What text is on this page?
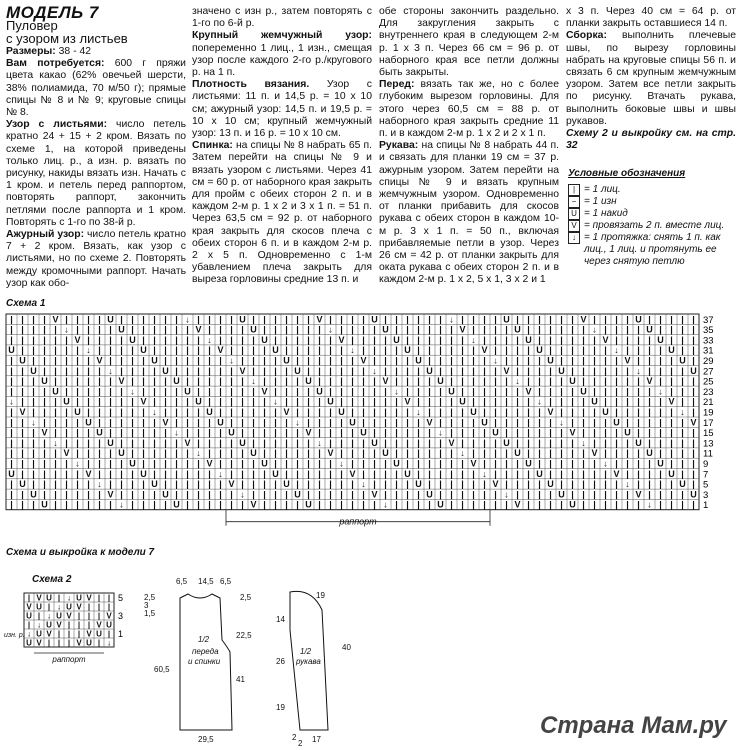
МОДЕЛЬ 7
Пуловер
с узором из листьев

Размеры: 38 - 42

Вам потребуется: 600 г пряжи цвета какао (62% овечьей шерсти, 38% полиамида, 70 м/50 г); прямые спицы № 8 и № 9; круговые спицы № 8.

Узор с листьями: число петель кратно 24 + 15 + 2 кром. Вязать по схеме 1, на которой приведены только лиц. р., а изн. р. вязать по рисунку, накиды вязать изн. Начать с 1 кром. и петель перед раппортом, повторять раппорт, закончить петлями после раппорта и 1 кром. Повторять с 1-го по 38-й р.

Ажурный узор: число петель кратно 7 + 2 кром. Вязать, как узор с листьями, но по схеме 2. Повторять между кромочными раппорт. Начать узор как обо-

значено с изн р., затем повторять с 1-го по 6-й р.

Крупный жемчужный узор: попеременно 1 лиц., 1 изн., смещая узор после каждого 2-го р./кругового р. на 1 п.

Плотность вязания. Узор с листьями: 11 п. и 14,5 р. = 10 х 10 см; ажурный узор: 14,5 п. и 19,5 р. = 10 х 10 см; крупный жемчужный узор: 13 п. и 16 р. = 10 х 10 см.

Спинка: на спицы № 8 набрать 65 п. Затем перейти на спицы № 9 и вязать узором с листьями. Через 41 см = 60 р. от наборного края закрыть для пройм с обеих сторон 2 п. и в каждом 2-м р. 1 х 2 и 3 х 1 п. = 51 п. Через 63,5 см = 92 р. от наборного края закрыть для скосов плеча с обеих сторон 6 п. и в каждом 2-м р. 2 х 5 п. Одновременно с 1-м убавлением плеча закрыть для выреза горловины средние 13 п. и

обе стороны закончить раздельно. Для закругления закрыть с внутреннего края в следующем 2-м р. 1 х 3 п. Через 66 см = 96 р. от наборного края все петли должны быть закрыты.

Перед: вязать так же, но с более глубоким вырезом горловины. Для этого через 60,5 см = 88 р. от наборного края закрыть средние 11 п. и в каждом 2-м р. 1 х 2 и 2 х 1 п.

Рукава: на спицы № 8 набрать 44 п. и связать для планки 19 см = 37 р. ажурным узором. Затем перейти на спицы № 9 и вязать крупным жемчужным узором. Одновременно от планки прибавить для скосов рукава с обеих сторон в каждом 10-м р. 3 х 1 п. = 50 п., включая прибавляемые петли в узор. Через 26 см = 42 р. от планки закрыть для оката рукава с обеих сторон 2 п. и в каждом 2-м р. 1 х 2, 5 х 1, 3 х 2 и 1

х 3 п. Через 40 см = 64 р. от планки закрыть оставшиеся 14 п.

Сборка: выполнить плечевые швы, по вырезу горловины набрать на круговые спицы 56 п. и связать 6 см крупным жемчужным узором. Затем все петли закрыть по рисунку. Втачать рукава, выполнить боковые швы и швы рукавов.

Схему 2 и выкройку см. на стр. 32

Условные обозначения
| = 1 лиц.
− = 1 изн
U = 1 накид
V = провязать 2 п. вместе лиц.
↓ = 1 протяжка: снять 1 п. как лиц., 1 лиц. и протянуть ее через снятую петлю
Схема 1
| | | | V | | | | U | | | | | | ↓ | | | | U | | | | | | V | | | | U | | | | | | ↓ | | | | U | | | | | | V | | | | U | | | | |
| | | | | ↓ | | | | U | | | | | | V | | | | U | | | | | | ↓ | | | | U | | | | | | V | | | | U | | | | | | ↓ | | | | U | | | |
| | | | | | V | | | | U | | | | | | ↓ | | | | U | | | | | | V | | | | U | | | | | | ↓ | | | | U | | | | | | V | | | | U | | |
U | | | | | | ↓ | | | | U | | | | | | V | | | | U | | | | | | ↓ | | | | U | | | | | | V | | | | U | | | | | | ↓ | | | | U | |
| U | | | | | | V | | | | U | | | | | | ↓ | | | | U | | | | | | V | | | | U | | | | | | ↓ | | | | U | | | | | | V | | | | U |
| | U | | | | | | ↓ | | | | U | | | | | | V | | | | U | | | | | | ↓ | | | | U | | | | | | V | | | | U | | | | | | ↓ | | | | U
| | | U | | | | | | V | | | | U | | | | | | ↓ | | | | U | | | | | | V | | | | U | | | | | | ↓ | | | | U | | | | | | V | | | |
| | | | U | | | | | | ↓ | | | | U | | | | | | V | | | | U | | | | | | ↓ | | | | U | | | | | | V | | | | U | | | | | | ↓ | | |
↓ | | | | U | | | | | | V | | | | U | | | | | | ↓ | | | | U | | | | | | V | | | | U | | | | | | ↓ | | | | U | | | | | | V | |
| V | | | | U | | | | | | ↓ | | | | U | | | | | | V | | | | U | | | | | | ↓ | | | | U | | | | | | V | | | | U | | | | | | ↓ |
| | ↓ | | | | U | | | | | | V | | | | U | | | | | | ↓ | | | | U | | | | | | V | | | | U | | | | | | ↓ | | | | U | | | | | | V
| | | V | | | | U | | | | | | ↓ | | | | U | | | | | | V | | | | U | | | | | | ↓ | | | | U | | | | | | V | | | | U | | | | | |
| | | | ↓ | | | | U | | | | | | V | | | | U | | | | | | ↓ | | | | U | | | | | | V | | | | U | | | | | | ↓ | | | | U | | | | |
| | | | | V | | | | U | | | | | | ↓ | | | | U | | | | | | V | | | | U | | | | | | ↓ | | | | U | | | | | | V | | | | U | | | |
| | | | | | ↓ | | | | U | | | | | | V | | | | U | | | | | | ↓ | | | | U | | | | | | V | | | | U | | | | | | ↓ | | | | U | | |
U | | | | | | V | | | | U | | | | | | ↓ | | | | U | | | | | | V | | | | U | | | | | | ↓ | | | | U | | | | | | V | | | | U | |
| U | | | | | | ↓ | | | | U | | | | | | V | | | | U | | | | | | ↓ | | | | U | | | | | | V | | | | U | | | | | | ↓ | | | | U |
| | U | | | | | | V | | | | U | | | | | | ↓ | | | | U | | | | | | V | | | | U | | | | | | ↓ | | | | U | | | | | | V | | | | U
| | | U | | | | | | ↓ | | | | U | | | | | | V | | | | U | | | | | | ↓ | | | | U | | | | | | V | | | | U | | | | | | ↓ | | | |
37
35
33
31
29
27
25
23
21
19
17
15
13
11
9
7
5
3
1
раппорт
Схема и выкройка к модели 7
Схема 2
| V U | ↓ U V | |
V U | ↓ U V | | |
U | ↓ U V | | | V
| ↓ U V | | | V U
↓ U V | | | V U |
U V | | | V U | ↓
5
3
1
изн. р.
раппорт
6,5 14,5 6,5
2,5
3
1,5
2,5
22,5
41
60,5
1/2
переда
и спинки
29,5
19
14
26
19
40
1/2
рукава
2
2 17
Страна Мам.ру
